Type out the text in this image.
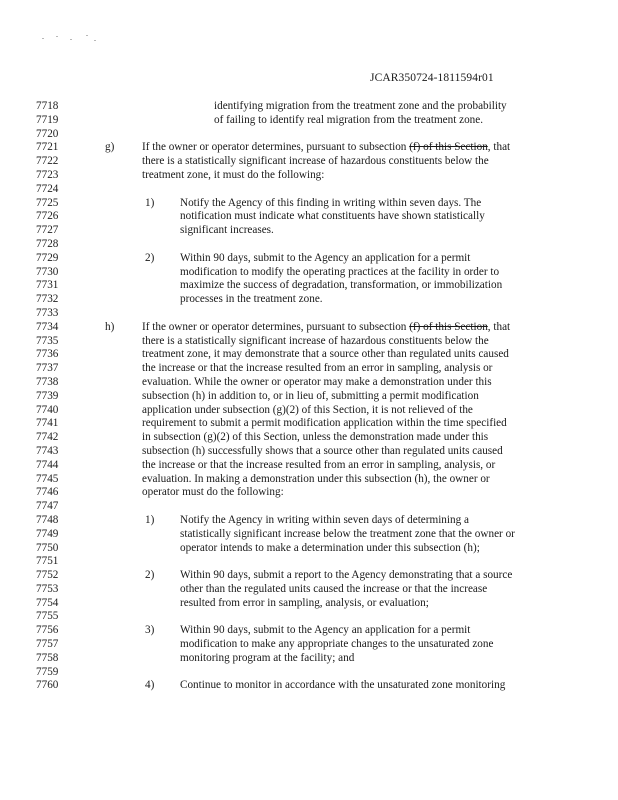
JCAR350724-1811594r01
7718	identifying migration from the treatment zone and the probability
7719	of failing to identify real migration from the treatment zone.
7720
7721	g) If the owner or operator determines, pursuant to subsection (f) of this Section, that
7722	there is a statistically significant increase of hazardous constituents below the
7723	treatment zone, it must do the following:
7724
7725	1) Notify the Agency of this finding in writing within seven days. The
7726	notification must indicate what constituents have shown statistically
7727	significant increases.
7728
7729	2) Within 90 days, submit to the Agency an application for a permit
7730	modification to modify the operating practices at the facility in order to
7731	maximize the success of degradation, transformation, or immobilization
7732	processes in the treatment zone.
7733
7734	h) If the owner or operator determines, pursuant to subsection (f) of this Section, that
7735	there is a statistically significant increase of hazardous constituents below the
7736	treatment zone, it may demonstrate that a source other than regulated units caused
7737	the increase or that the increase resulted from an error in sampling, analysis or
7738	evaluation. While the owner or operator may make a demonstration under this
7739	subsection (h) in addition to, or in lieu of, submitting a permit modification
7740	application under subsection (g)(2) of this Section, it is not relieved of the
7741	requirement to submit a permit modification application within the time specified
7742	in subsection (g)(2) of this Section, unless the demonstration made under this
7743	subsection (h) successfully shows that a source other than regulated units caused
7744	the increase or that the increase resulted from an error in sampling, analysis, or
7745	evaluation. In making a demonstration under this subsection (h), the owner or
7746	operator must do the following:
7747
7748	1) Notify the Agency in writing within seven days of determining a
7749	statistically significant increase below the treatment zone that the owner or
7750	operator intends to make a determination under this subsection (h);
7751
7752	2) Within 90 days, submit a report to the Agency demonstrating that a source
7753	other than the regulated units caused the increase or that the increase
7754	resulted from error in sampling, analysis, or evaluation;
7755
7756	3) Within 90 days, submit to the Agency an application for a permit
7757	modification to make any appropriate changes to the unsaturated zone
7758	monitoring program at the facility; and
7759
7760	4) Continue to monitor in accordance with the unsaturated zone monitoring
